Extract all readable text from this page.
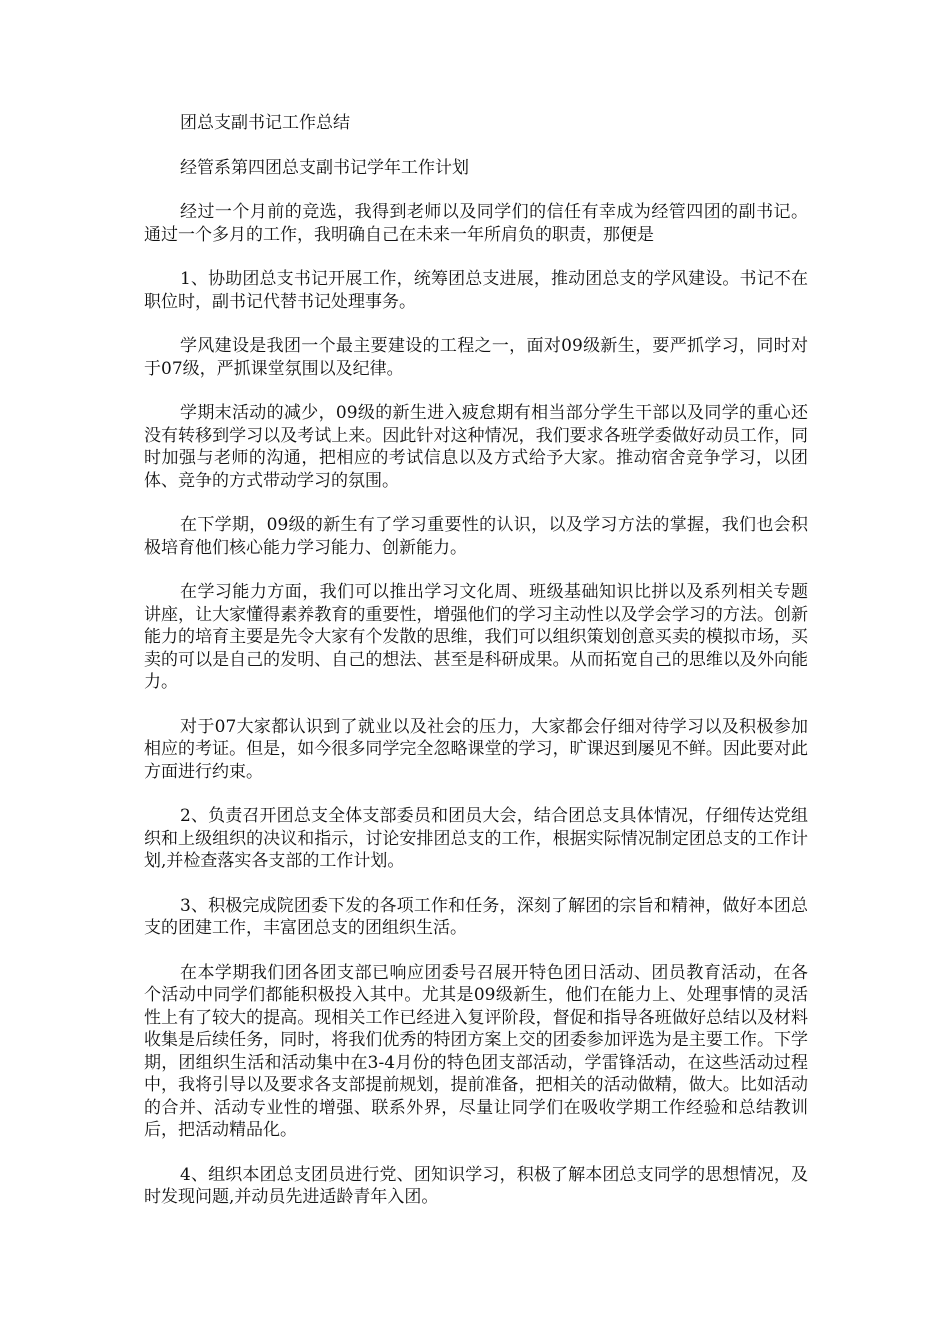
团总支副书记工作总结

经管系第四团总支副书记学年工作计划

经过一个月前的竞选，我得到老师以及同学们的信任有幸成为经管四团的副书记。通过一个多月的工作，我明确自己在未来一年所肩负的职责，那便是

1、协助团总支书记开展工作，统筹团总支进展，推动团总支的学风建设。书记不在职位时，副书记代替书记处理事务。

学风建设是我团一个最主要建设的工程之一，面对09级新生，要严抓学习，同时对于07级，严抓课堂氛围以及纪律。

学期末活动的减少，09级的新生进入疲怠期有相当部分学生干部以及同学的重心还没有转移到学习以及考试上来。因此针对这种情况，我们要求各班学委做好动员工作，同时加强与老师的沟通，把相应的考试信息以及方式给予大家。推动宿舍竞争学习，以团体、竞争的方式带动学习的氛围。

在下学期，09级的新生有了学习重要性的认识，以及学习方法的掌握，我们也会积极培育他们核心能力学习能力、创新能力。

在学习能力方面，我们可以推出学习文化周、班级基础知识比拼以及系列相关专题讲座，让大家懂得素养教育的重要性，增强他们的学习主动性以及学会学习的方法。创新能力的培育主要是先令大家有个发散的思维，我们可以组织策划创意买卖的模拟市场，买卖的可以是自己的发明、自己的想法、甚至是科研成果。从而拓宽自己的思维以及外向能力。

对于07大家都认识到了就业以及社会的压力，大家都会仔细对待学习以及积极参加相应的考证。但是，如今很多同学完全忽略课堂的学习，旷课迟到屡见不鲜。因此要对此方面进行约束。

2、负责召开团总支全体支部委员和团员大会，结合团总支具体情况，仔细传达党组织和上级组织的决议和指示，讨论安排团总支的工作，根据实际情况制定团总支的工作计划,并检查落实各支部的工作计划。

3、积极完成院团委下发的各项工作和任务，深刻了解团的宗旨和精神，做好本团总支的团建工作，丰富团总支的团组织生活。

在本学期我们团各团支部已响应团委号召展开特色团日活动、团员教育活动，在各个活动中同学们都能积极投入其中。尤其是09级新生，他们在能力上、处理事情的灵活性上有了较大的提高。现相关工作已经进入复评阶段，督促和指导各班做好总结以及材料收集是后续任务，同时，将我们优秀的特团方案上交的团委参加评选为是主要工作。下学期，团组织生活和活动集中在3-4月份的特色团支部活动，学雷锋活动，在这些活动过程中，我将引导以及要求各支部提前规划，提前准备，把相关的活动做精，做大。比如活动的合并、活动专业性的增强、联系外界，尽量让同学们在吸收学期工作经验和总结教训后，把活动精品化。

4、组织本团总支团员进行党、团知识学习，积极了解本团总支同学的思想情况，及时发现问题,并动员先进适龄青年入团。
